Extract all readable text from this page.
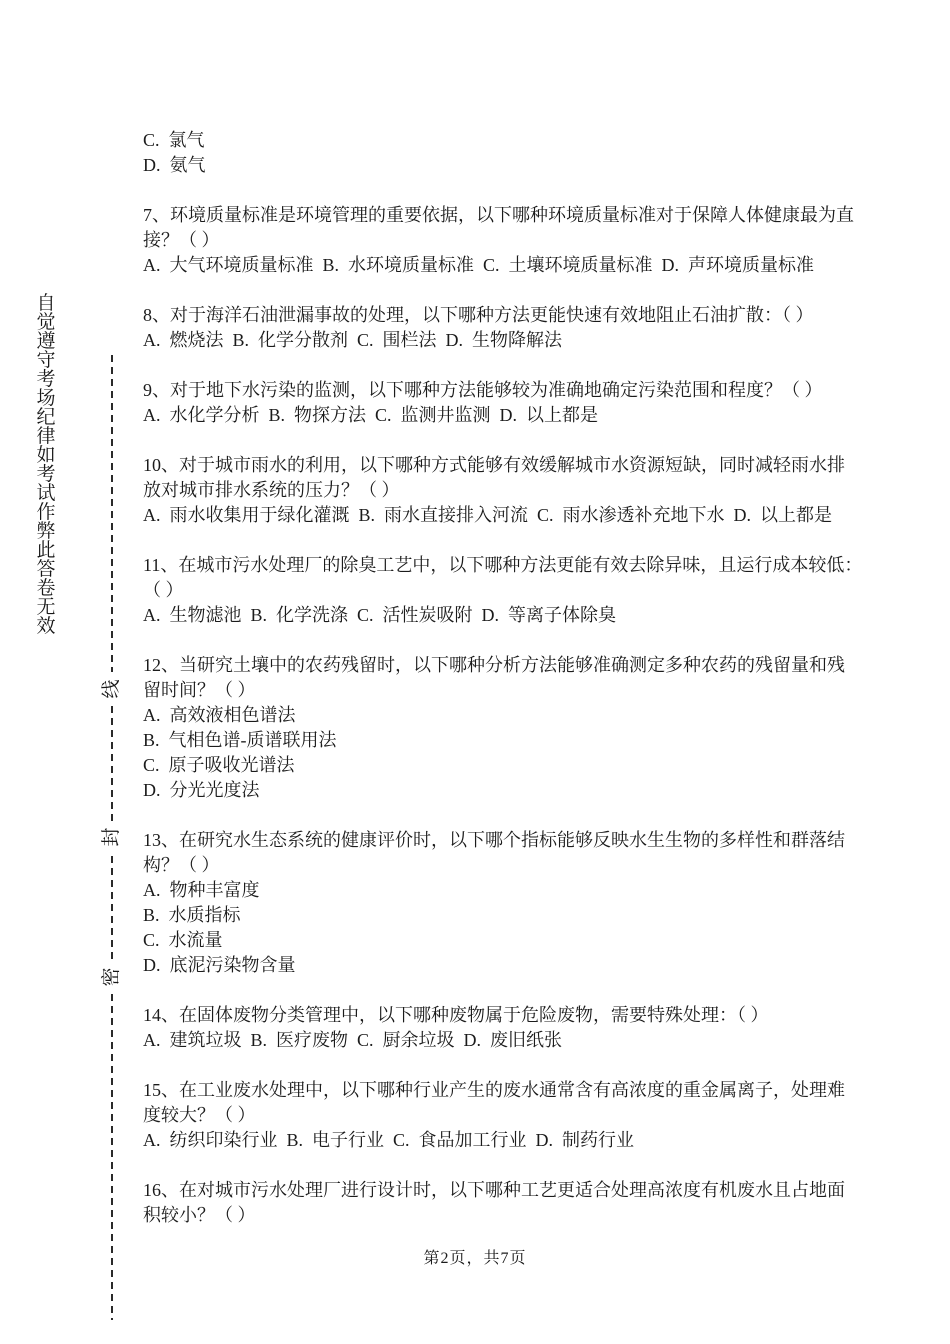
自
觉
遵
守
考
场
纪
律
如
考
试
作
弊
此
答
卷
无
效
线
封
密
C.  氯气
D.  氨气
7、环境质量标准是环境管理的重要依据，以下哪种环境质量标准对于保障人体健康最为直
接？（ ）
A.  大气环境质量标准  B.  水环境质量标准  C.  土壤环境质量标准  D.  声环境质量标准
8、对于海洋石油泄漏事故的处理，以下哪种方法更能快速有效地阻止石油扩散：（ ）
A.  燃烧法  B.  化学分散剂  C.  围栏法  D.  生物降解法
9、对于地下水污染的监测，以下哪种方法能够较为准确地确定污染范围和程度？（ ）
A.  水化学分析  B.  物探方法  C.  监测井监测  D.  以上都是
10、对于城市雨水的利用，以下哪种方式能够有效缓解城市水资源短缺，同时减轻雨水排
放对城市排水系统的压力？（ ）
A.  雨水收集用于绿化灌溉  B.  雨水直接排入河流  C.  雨水渗透补充地下水  D.  以上都是
11、在城市污水处理厂的除臭工艺中，以下哪种方法更能有效去除异味，且运行成本较低：
（ ）
A.  生物滤池  B.  化学洗涤  C.  活性炭吸附  D.  等离子体除臭
12、当研究土壤中的农药残留时，以下哪种分析方法能够准确测定多种农药的残留量和残
留时间？（ ）
A.  高效液相色谱法
B.  气相色谱-质谱联用法
C.  原子吸收光谱法
D.  分光光度法
13、在研究水生态系统的健康评价时，以下哪个指标能够反映水生生物的多样性和群落结
构？（ ）
A.  物种丰富度
B.  水质指标
C.  水流量
D.  底泥污染物含量
14、在固体废物分类管理中，以下哪种废物属于危险废物，需要特殊处理：（ ）
A.  建筑垃圾  B.  医疗废物  C.  厨余垃圾  D.  废旧纸张
15、在工业废水处理中，以下哪种行业产生的废水通常含有高浓度的重金属离子，处理难
度较大？（ ）
A.  纺织印染行业  B.  电子行业  C.  食品加工行业  D.  制药行业
16、在对城市污水处理厂进行设计时，以下哪种工艺更适合处理高浓度有机废水且占地面
积较小？（ ）
第2页，共7页
